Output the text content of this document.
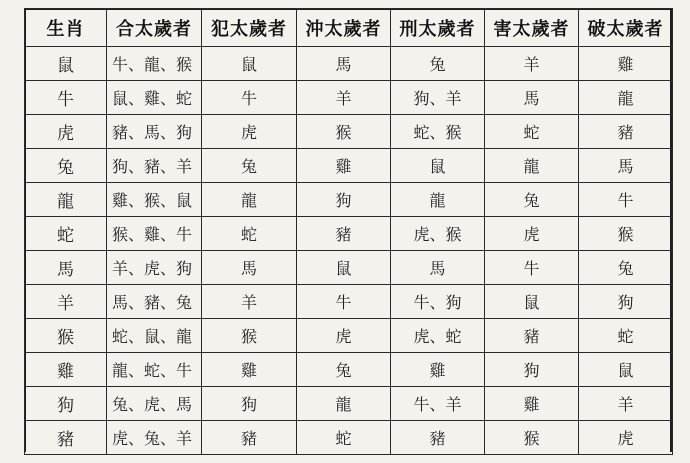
生肖	合太歲者	犯太歲者	沖太歲者	刑太歲者	害太歲者	破太歲者
鼠	牛、龍、猴	鼠	馬	兔	羊	雞
牛	鼠、雞、蛇	牛	羊	狗、羊	馬	龍
虎	豬、馬、狗	虎	猴	蛇、猴	蛇	豬
兔	狗、豬、羊	兔	雞	鼠	龍	馬
龍	雞、猴、鼠	龍	狗	龍	兔	牛
蛇	猴、雞、牛	蛇	豬	虎、猴	虎	猴
馬	羊、虎、狗	馬	鼠	馬	牛	兔
羊	馬、豬、兔	羊	牛	牛、狗	鼠	狗
猴	蛇、鼠、龍	猴	虎	虎、蛇	豬	蛇
雞	龍、蛇、牛	雞	兔	雞	狗	鼠
狗	兔、虎、馬	狗	龍	牛、羊	雞	羊
豬	虎、兔、羊	豬	蛇	豬	猴	虎
